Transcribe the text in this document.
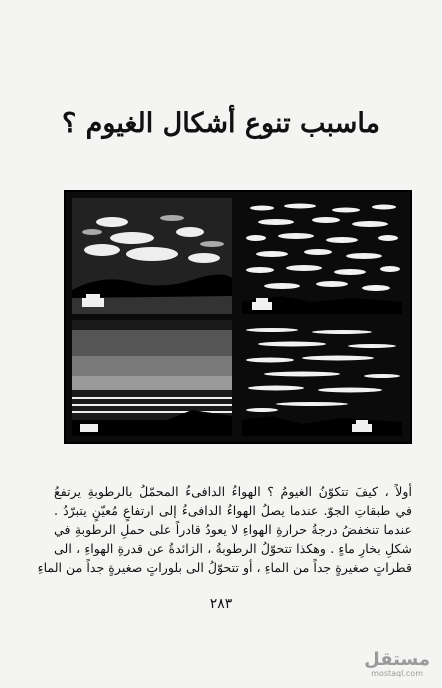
ماسبب تنوع أشكال الغيوم ؟
أولاً ، كيفَ تتكوّنُ الغيومُ ؟ الهواءُ الدافىءُ المحمّلُ بالرطوبةِ يرتفعُ
في طبقاتِ الجوّ. عندما يصلُ الهواءُ الدافىءُ إلى ارتفاعٍ مُعيّنٍ يتبرّدُ .
عندما تنخفضُ درجةُ حرارةِ الهواءِ لا يعودُ قادراً على حملِ الرطوبةِ في
شكلِ بخارِ ماءٍ . وهكذا تتحوّلُ الرطوبةُ ، الزائدةُ عن قدرةِ الهواءِ ، الى
قطراتٍ صغيرةٍ جداً من الماءِ ، أو تتحوّلُ الى بلوراتٍ صغيرةٍ جداً من الماءِ
٢٨٣
مستقل
mostaql.com
